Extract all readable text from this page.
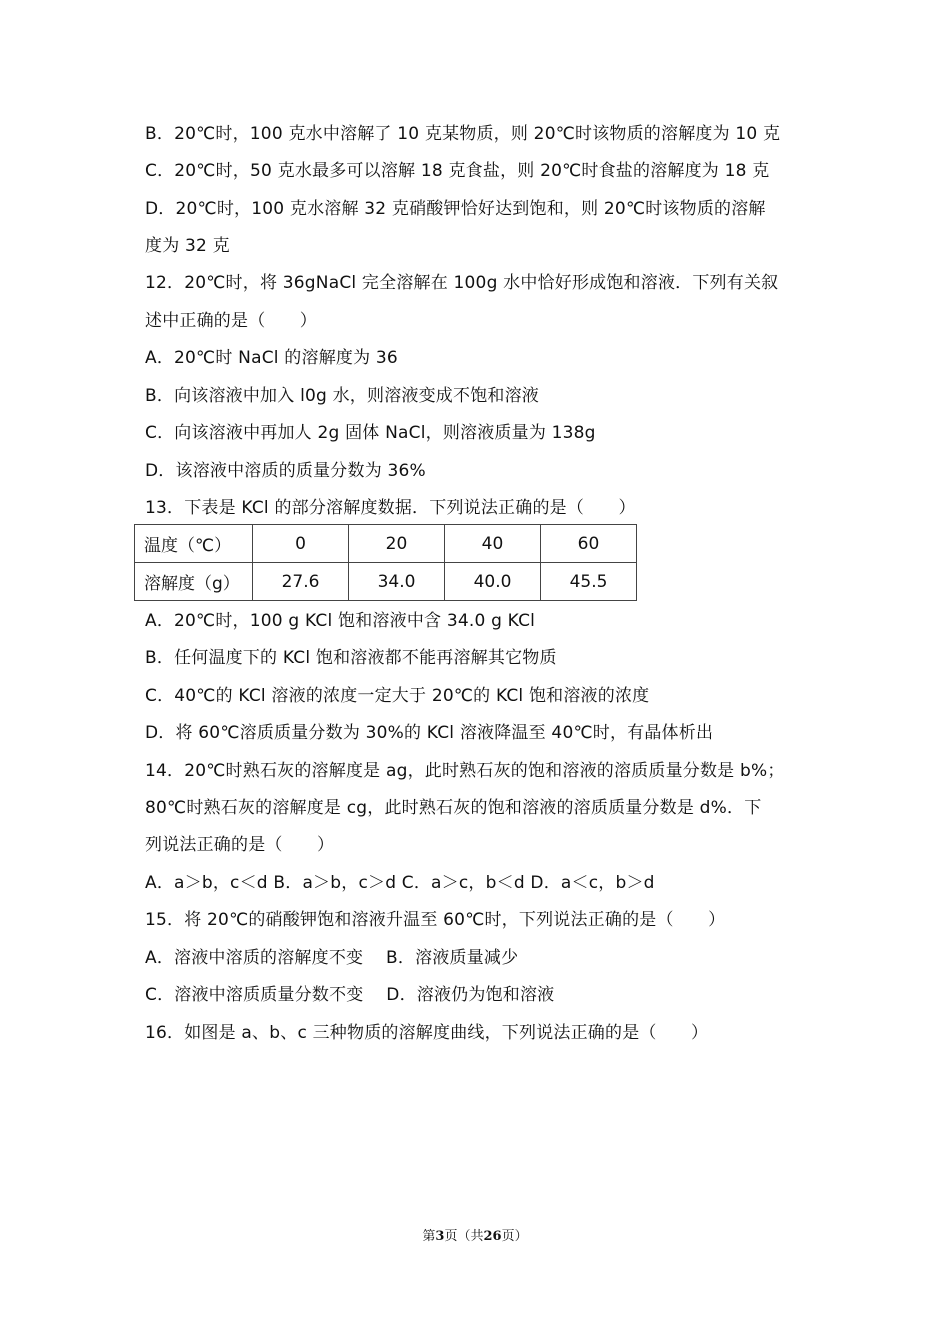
B．20℃时，100 克水中溶解了 10 克某物质，则 20℃时该物质的溶解度为 10 克
C．20℃时，50 克水最多可以溶解 18 克食盐，则 20℃时食盐的溶解度为 18 克
D．20℃时，100 克水溶解 32 克硝酸钾恰好达到饱和，则 20℃时该物质的溶解
度为 32 克
12．20℃时，将 36gNaCl 完全溶解在 100g 水中恰好形成饱和溶液．下列有关叙
述中正确的是（　　）
A．20℃时 NaCl 的溶解度为 36
B．向该溶液中加入 l0g 水，则溶液变成不饱和溶液
C．向该溶液中再加人 2g 固体 NaCl，则溶液质量为 138g
D．该溶液中溶质的质量分数为 36%
13．下表是 KCl 的部分溶解度数据．下列说法正确的是（　　）
温度（℃）	0	20	40	60
溶解度（g）	27.6	34.0	40.0	45.5
A．20℃时，100 g KCl 饱和溶液中含 34.0 g KCl
B．任何温度下的 KCl 饱和溶液都不能再溶解其它物质
C．40℃的 KCl 溶液的浓度一定大于 20℃的 KCl 饱和溶液的浓度
D．将 60℃溶质质量分数为 30%的 KCl 溶液降温至 40℃时，有晶体析出
14．20℃时熟石灰的溶解度是 ag，此时熟石灰的饱和溶液的溶质质量分数是 b%；
80℃时熟石灰的溶解度是 cg，此时熟石灰的饱和溶液的溶质质量分数是 d%．下
列说法正确的是（　　）
A．a＞b，c＜d B．a＞b，c＞d C．a＞c，b＜d D．a＜c，b＞d
15．将 20℃的硝酸钾饱和溶液升温至 60℃时，下列说法正确的是（　　）
A．溶液中溶质的溶解度不变　 B．溶液质量减少
C．溶液中溶质质量分数不变　 D．溶液仍为饱和溶液
16．如图是 a、b、c 三种物质的溶解度曲线，下列说法正确的是（　　）
第3页（共26页）
